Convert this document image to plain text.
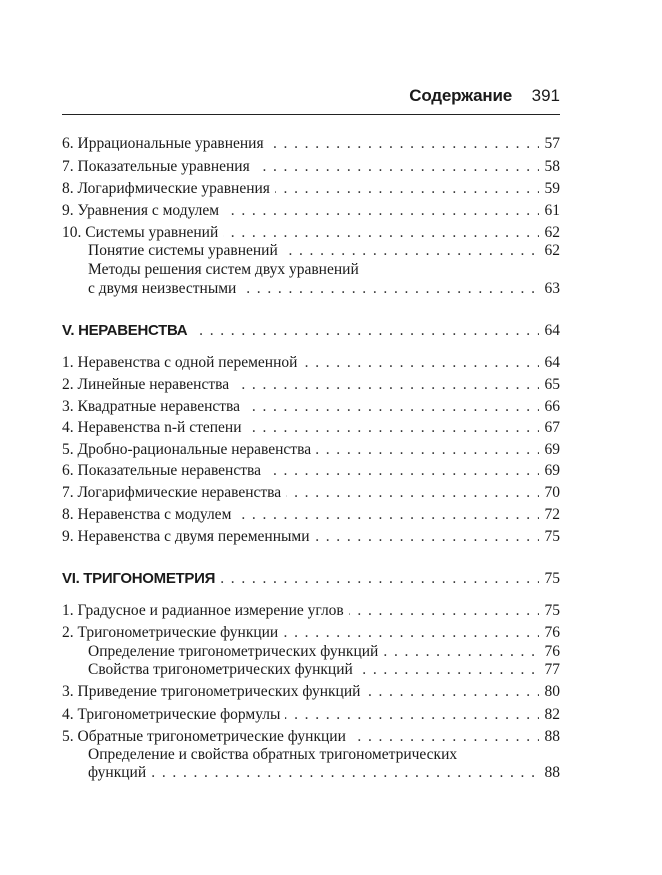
Содержание 391
. . .
6. Иррациональные уравнения	57
. . .
7. Показательные уравнения	58
. . .
8. Логарифмические уравнения	59
. . .
9. Уравнения с модулем	61
. . .
10. Системы уравнений	62
. . .
Понятие системы уравнений	62
Методы решения систем двух уравнений
. . .
с двумя неизвестными	63
. . .
V. НЕРАВЕНСТВА	64
. . .
1. Неравенства с одной переменной	64
. . .
2. Линейные неравенства	65
. . .
3. Квадратные неравенства	66
. . .
4. Неравенства n-й степени	67
. . .
5. Дробно-рациональные неравенства	69
. . .
6. Показательные неравенства	69
. . .
7. Логарифмические неравенства	70
. . .
8. Неравенства с модулем	72
. . .
9. Неравенства с двумя переменными	75
. . .
VI. ТРИГОНОМЕТРИЯ	75
. . .
1. Градусное и радианное измерение углов	75
. . .
2. Тригонометрические функции	76
. . .
Определение тригонометрических функций	76
. . .
Свойства тригонометрических функций	77
. . .
3. Приведение тригонометрических функций	80
. . .
4. Тригонометрические формулы	82
. . .
5. Обратные тригонометрические функции	88
Определение и свойства обратных тригонометрических
. . .
функций	88
